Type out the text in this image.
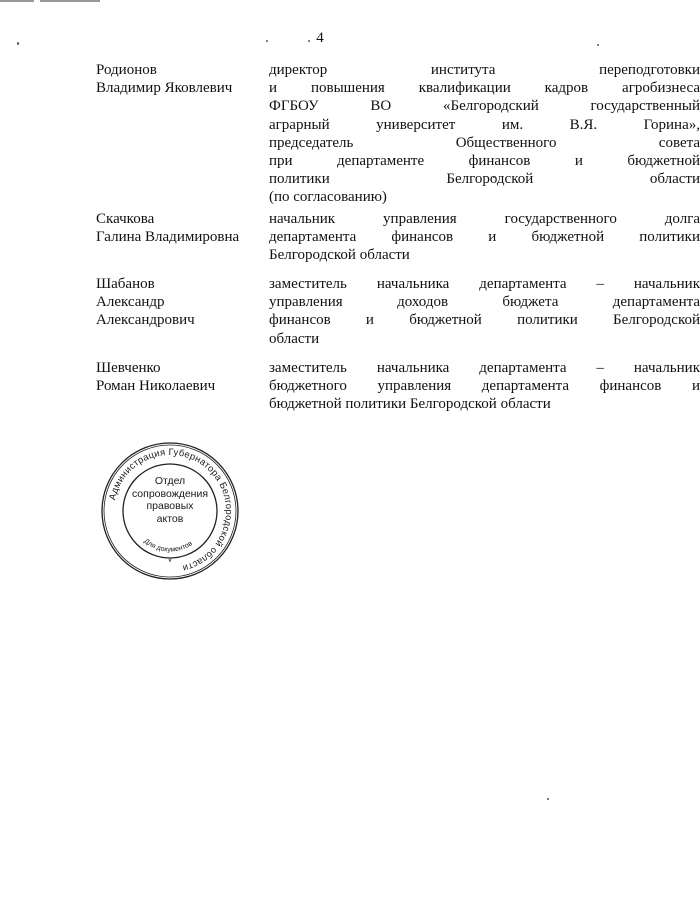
4
Родионов
Владимир Яковлевич

директор института переподготовки

и повышения квалификации кадров агробизнеса

ФГБОУ ВО «Белгородский государственный

аграрный университет им. В.Я. Горина»,

председатель Общественного совета

при департаменте финансов и бюджетной

политики Белгородской области

(по согласованию)

Скачкова
Галина Владимировна

начальник управления государственного долга

департамента финансов и бюджетной политики

Белгородской области

Шабанов
Александр
Александрович

заместитель начальника департамента – начальник

управления доходов бюджета департамента

финансов и бюджетной политики Белгородской

области

Шевченко
Роман Николаевич

заместитель начальника департамента – начальник

бюджетного управления департамента финансов и

бюджетной политики Белгородской области

Администрация Губернатора Белгородской области
Для документов
*
Отдел
сопровождения
правовых
актов
